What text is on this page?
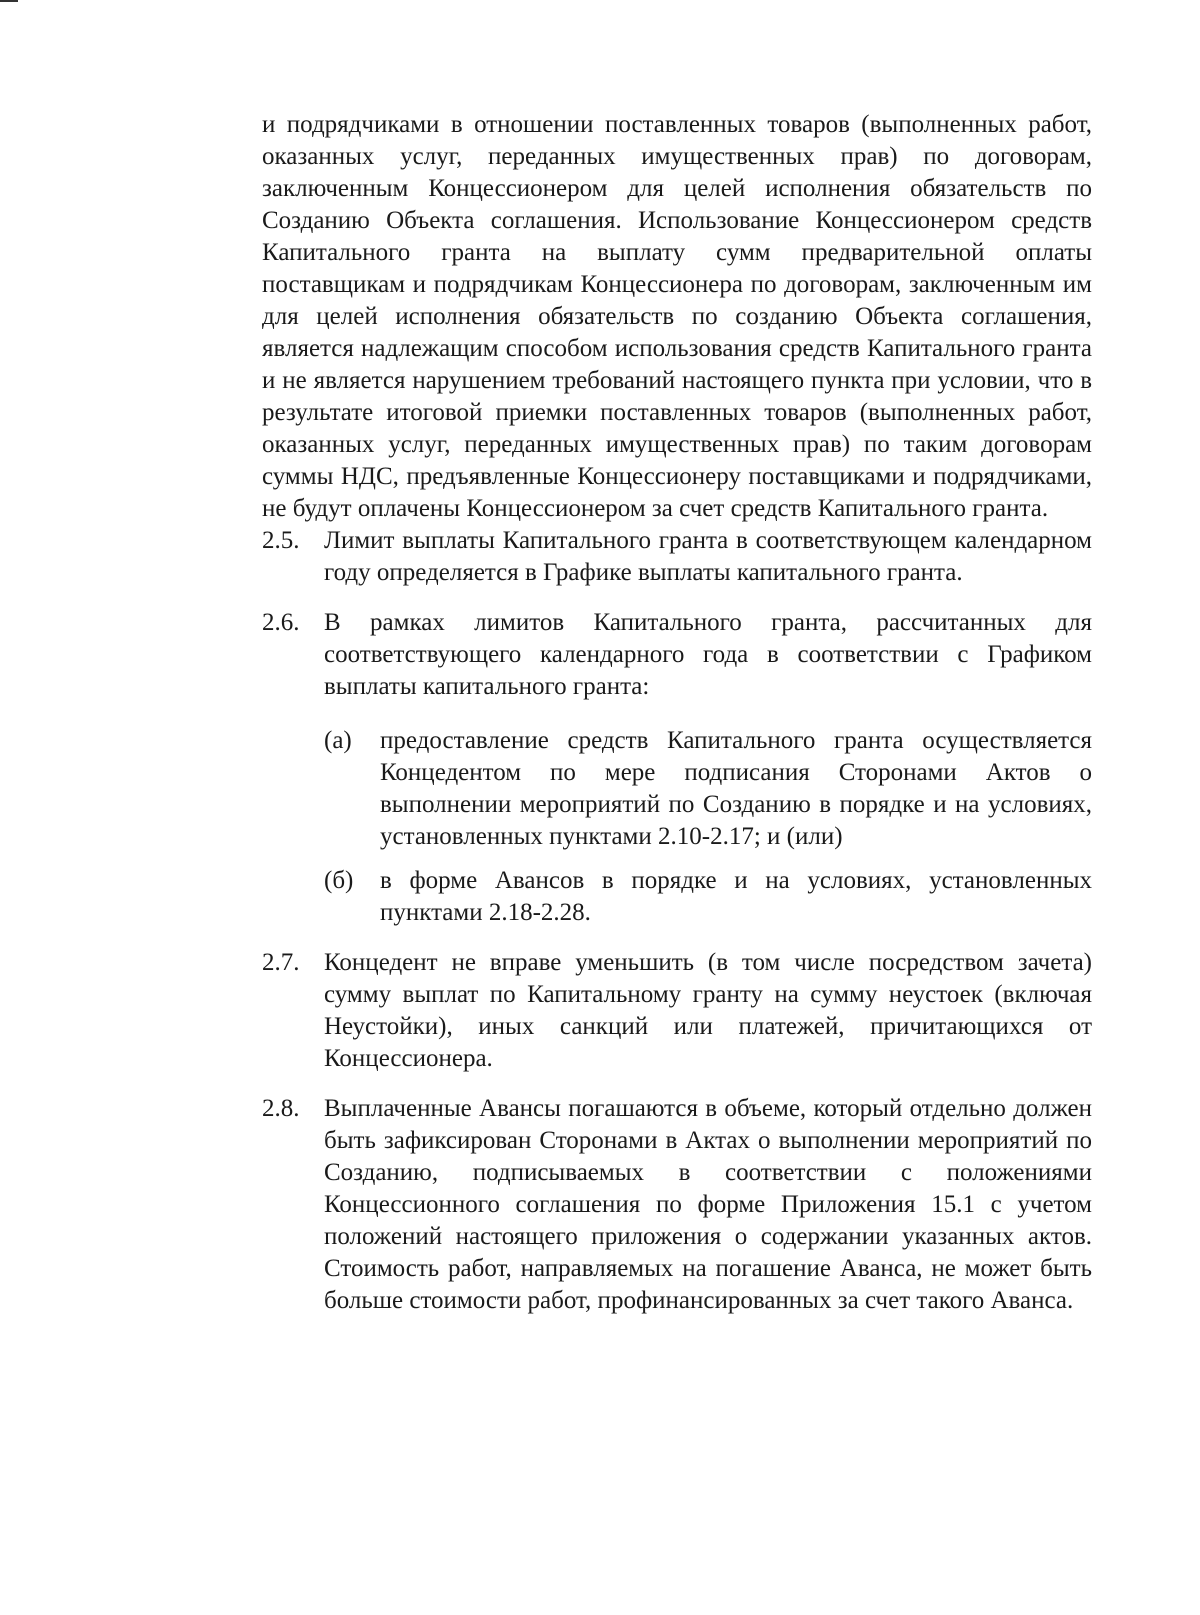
и подрядчиками в отношении поставленных товаров (выполненных работ, оказанных услуг, переданных имущественных прав) по договорам, заключенным Концессионером для целей исполнения обязательств по Созданию Объекта соглашения. Использование Концессионером средств Капитального гранта на выплату сумм предварительной оплаты поставщикам и подрядчикам Концессионера по договорам, заключенным им для целей исполнения обязательств по созданию Объекта соглашения, является надлежащим способом использования средств Капитального гранта и не является нарушением требований настоящего пункта при условии, что в результате итоговой приемки поставленных товаров (выполненных работ, оказанных услуг, переданных имущественных прав) по таким договорам суммы НДС, предъявленные Концессионеру поставщиками и подрядчиками, не будут оплачены Концессионером за счет средств Капитального гранта.

2.5. Лимит выплаты Капитального гранта в соответствующем календарном году определяется в Графике выплаты капитального гранта.

2.6. В рамках лимитов Капитального гранта, рассчитанных для соответствующего календарного года в соответствии с Графиком выплаты капитального гранта:

(а)	предоставление средств Капитального гранта осуществляется Концедентом по мере подписания Сторонами Актов о выполнении мероприятий по Созданию в порядке и на условиях, установленных пунктами 2.10-2.17; и (или)

(б)	в форме Авансов в порядке и на условиях, установленных пунктами 2.18-2.28.

2.7. Концедент не вправе уменьшить (в том числе посредством зачета) сумму выплат по Капитальному гранту на сумму неустоек (включая Неустойки), иных санкций или платежей, причитающихся от Концессионера.

2.8. Выплаченные Авансы погашаются в объеме, который отдельно должен быть зафиксирован Сторонами в Актах о выполнении мероприятий по Созданию, подписываемых в соответствии с положениями Концессионного соглашения по форме Приложения 15.1 с учетом положений настоящего приложения о содержании указанных актов. Стоимость работ, направляемых на погашение Аванса, не может быть больше стоимости работ, профинансированных за счет такого Аванса.
